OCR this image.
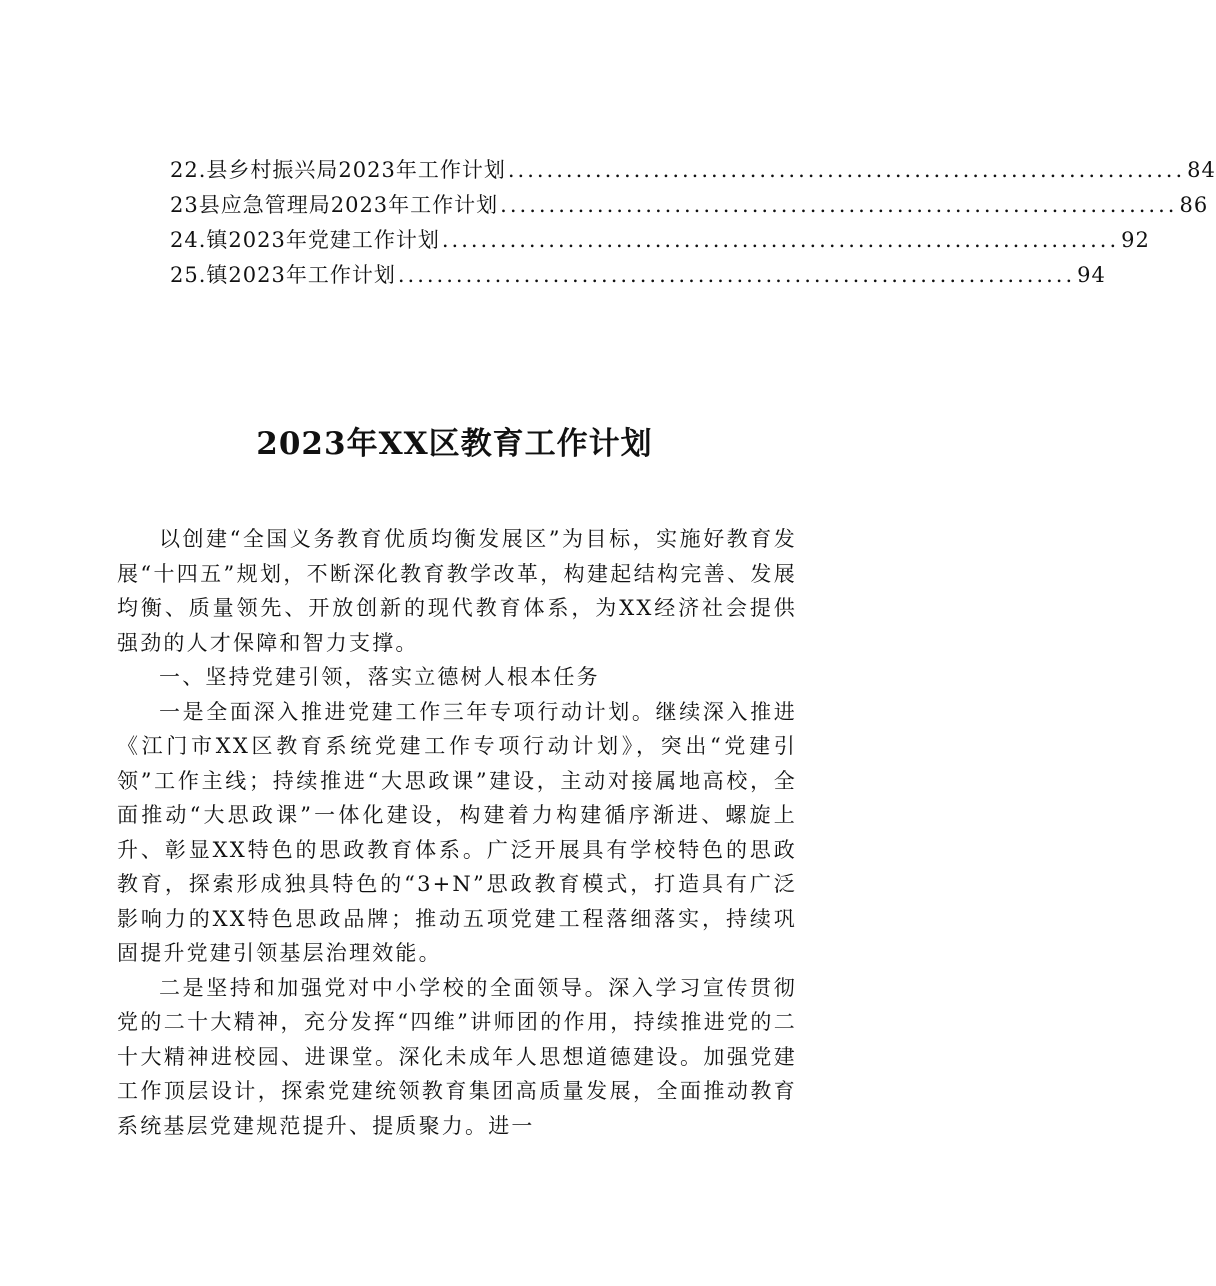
22.县乡村振兴局2023年工作计划 ...................................................................... 84
23县应急管理局2023年工作计划 ...................................................................... 86
24.镇2023年党建工作计划 ...................................................................... 92
25.镇2023年工作计划 ...................................................................... 94
2023年XX区教育工作计划

以创建“全国义务教育优质均衡发展区”为目标，实施好教育发展“十四五”规划，不断深化教育教学改革，构建起结构完善、发展均衡、质量领先、开放创新的现代教育体系，为XX经济社会提供强劲的人才保障和智力支撑。

一、坚持党建引领，落实立德树人根本任务

一是全面深入推进党建工作三年专项行动计划。继续深入推进《江门市XX区教育系统党建工作专项行动计划》，突出“党建引领”工作主线；持续推进“大思政课”建设，主动对接属地高校，全面推动“大思政课”一体化建设，构建着力构建循序渐进、螺旋上升、彰显XX特色的思政教育体系。广泛开展具有学校特色的思政教育，探索形成独具特色的“3+N”思政教育模式，打造具有广泛影响力的XX特色思政品牌；推动五项党建工程落细落实，持续巩固提升党建引领基层治理效能。

二是坚持和加强党对中小学校的全面领导。深入学习宣传贯彻党的二十大精神，充分发挥“四维”讲师团的作用，持续推进党的二十大精神进校园、进课堂。深化未成年人思想道德建设。加强党建工作顶层设计，探索党建统领教育集团高质量发展，全面推动教育系统基层党建规范提升、提质聚力。进一
